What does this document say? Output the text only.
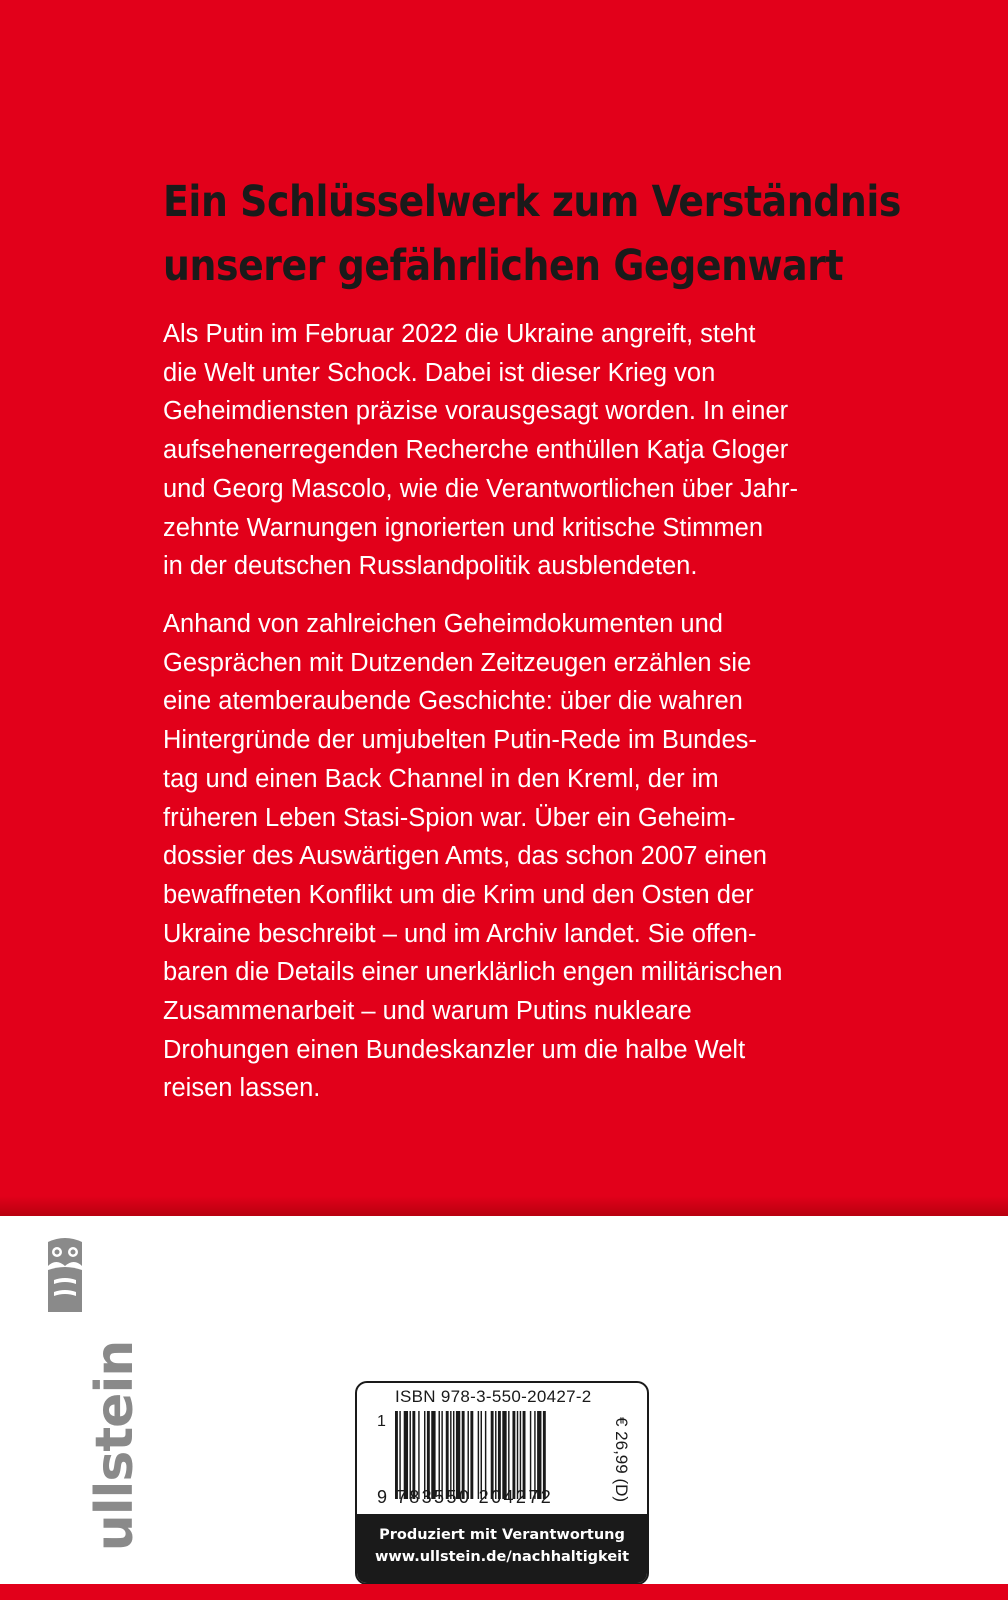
Ein Schlüsselwerk zum Verständnis
unserer gefährlichen Gegenwart

Als Putin im Februar 2022 die Ukraine angreift, steht
die Welt unter Schock. Dabei ist dieser Krieg von
Geheimdiensten präzise vorausgesagt worden. In einer
aufsehenerregenden Recherche enthüllen Katja Gloger
und Georg Mascolo, wie die Verantwortlichen über Jahr-
zehnte Warnungen ignorierten und kritische Stimmen
in der deutschen Russlandpolitik ausblendeten.

Anhand von zahlreichen Geheimdokumenten und
Gesprächen mit Dutzenden Zeitzeugen erzählen sie
eine atemberaubende Geschichte: über die wahren
Hintergründe der umjubelten Putin-Rede im Bundes-
tag und einen Back Channel in den Kreml, der im
früheren Leben Stasi-Spion war. Über ein Geheim-
dossier des Auswärtigen Amts, das schon 2007 einen
bewaffneten Konflikt um die Krim und den Osten der
Ukraine beschreibt – und im Archiv landet. Sie offen-
baren die Details einer unerklärlich engen militärischen
Zusammenarbeit – und warum Putins nukleare
Drohungen einen Bundeskanzler um die halbe Welt
reisen lassen.

ullstein	ISBN 978-3-550-20427-2
1
9 783550 204272	€ 26,99 (D)
Produziert mit Verantwortung
www.ullstein.de/nachhaltigkeit
